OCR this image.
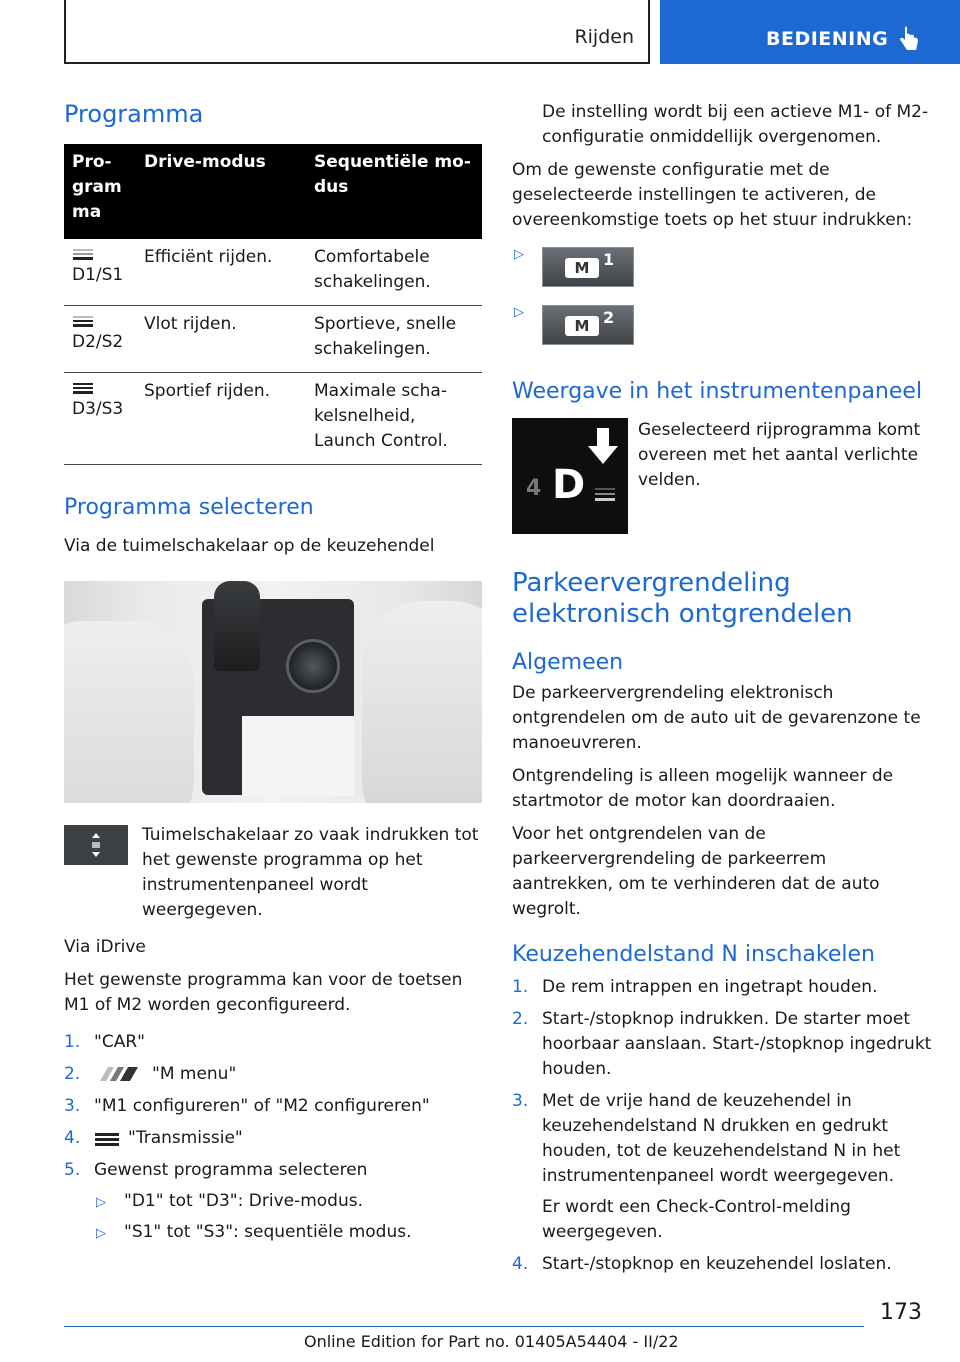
Rijden	BEDIENING
Programma
Pro-
gram
ma	Drive-modus	Sequentiële mo-
dus

D1/S1	Efficiënt rijden.	Comfortabele schakelingen.

D2/S2	Vlot rijden.	Sportieve, snelle schakelingen.

D3/S3	Sportief rijden.	Maximale scha-
kelsnelheid,
Launch Control.
Programma selecteren
Via de tuimelschakelaar op de keuzehendel
Tuimelschakelaar zo vaak indrukken tot het gewenste programma op het instrumentenpaneel wordt weergegeven.
Via iDrive
Het gewenste programma kan voor de toetsen M1 of M2 worden geconfigureerd.
1. "CAR"
2.	"M menu"
3. "M1 configureren" of "M2 configureren"
4.	"Transmissie"
5. Gewenst programma selecteren
▷ "D1" tot "D3": Drive-modus.
▷ "S1" tot "S3": sequentiële modus.
De instelling wordt bij een actieve M1- of M2-configuratie onmiddellijk overgenomen.
Om de gewenste configuratie met de geselecteerde instellingen te activeren, de overeenkomstige toets op het stuur indrukken:
▷
M 1
▷
M 2
Weergave in het instrumentenpaneel
4 D
Geselecteerd rijprogramma komt overeen met het aantal verlichte velden.
Parkeervergrendeling elektronisch ontgrendelen
Algemeen
De parkeervergrendeling elektronisch ontgrendelen om de auto uit de gevarenzone te manoeuvreren.
Ontgrendeling is alleen mogelijk wanneer de startmotor de motor kan doordraaien.
Voor het ontgrendelen van de parkeervergrendeling de parkeerrem aantrekken, om te verhinderen dat de auto wegrolt.
Keuzehendelstand N inschakelen
1. De rem intrappen en ingetrapt houden.
2. Start-/stopknop indrukken. De starter moet hoorbaar aanslaan. Start-/stopknop ingedrukt houden.
3. Met de vrije hand de keuzehendel in keuzehendelstand N drukken en gedrukt houden, tot de keuzehendelstand N in het instrumentenpaneel wordt weergegeven.
Er wordt een Check-Control-melding weergegeven.
4. Start-/stopknop en keuzehendel loslaten.
173
Online Edition for Part no. 01405A54404 - II/22
